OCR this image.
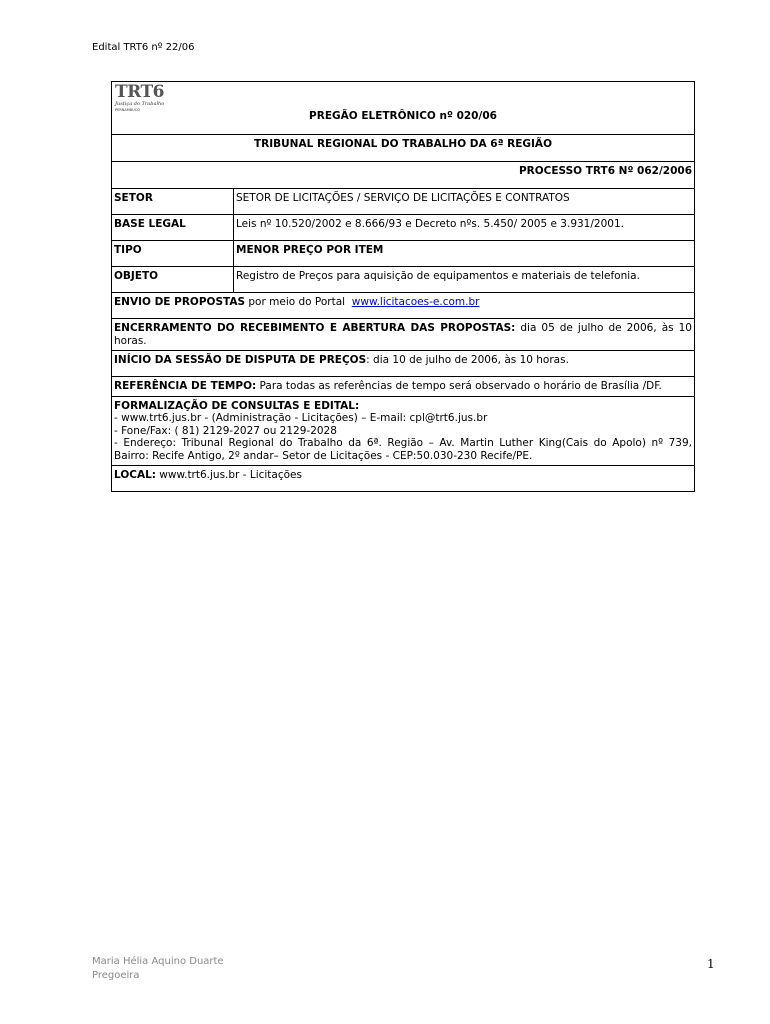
Edital TRT6 nº 22/06
TRT6
Justiça do Trabalho
PERNAMBUCO PREGÃO ELETRÔNICO nº 020/06	

TRIBUNAL REGIONAL DO TRABALHO DA 6ª REGIÃO	
PROCESSO TRT6 Nº 062/2006	
SETOR	SETOR DE LICITAÇÕES / SERVIÇO DE LICITAÇÕES E CONTRATOS
BASE LEGAL	Leis nº 10.520/2002 e 8.666/93 e Decreto nºs. 5.450/ 2005 e 3.931/2001.
TIPO	MENOR PREÇO POR ITEM
OBJETO	Registro de Preços para aquisição de equipamentos e materiais de telefonia.
ENVIO DE PROPOSTAS por meio do Portal  www.licitacoes-e.com.br	
ENCERRAMENTO DO RECEBIMENTO E ABERTURA DAS PROPOSTAS: dia 05 de julho de 2006, às 10 horas.	
INÍCIO DA SESSÃO DE DISPUTA DE PREÇOS: dia 10 de julho de 2006, às 10 horas.	
REFERÊNCIA DE TEMPO: Para todas as referências de tempo será observado o horário de Brasília /DF.	

FORMALIZAÇÃO DE CONSULTAS E EDITAL:
- www.trt6.jus.br - (Administração - Licitações) – E-mail: cpl@trt6.jus.br
- Fone/Fax: ( 81) 2129-2027 ou 2129-2028
- Endereço: Tribunal Regional do Trabalho da 6ª. Região – Av. Martin Luther King(Cais do Apolo) nº 739, Bairro: Recife Antigo, 2º andar– Setor de Licitações - CEP:50.030-230 Recife/PE.	

LOCAL: www.trt6.jus.br - Licitações	
Maria Hélia Aquino Duarte
Pregoeira
1
